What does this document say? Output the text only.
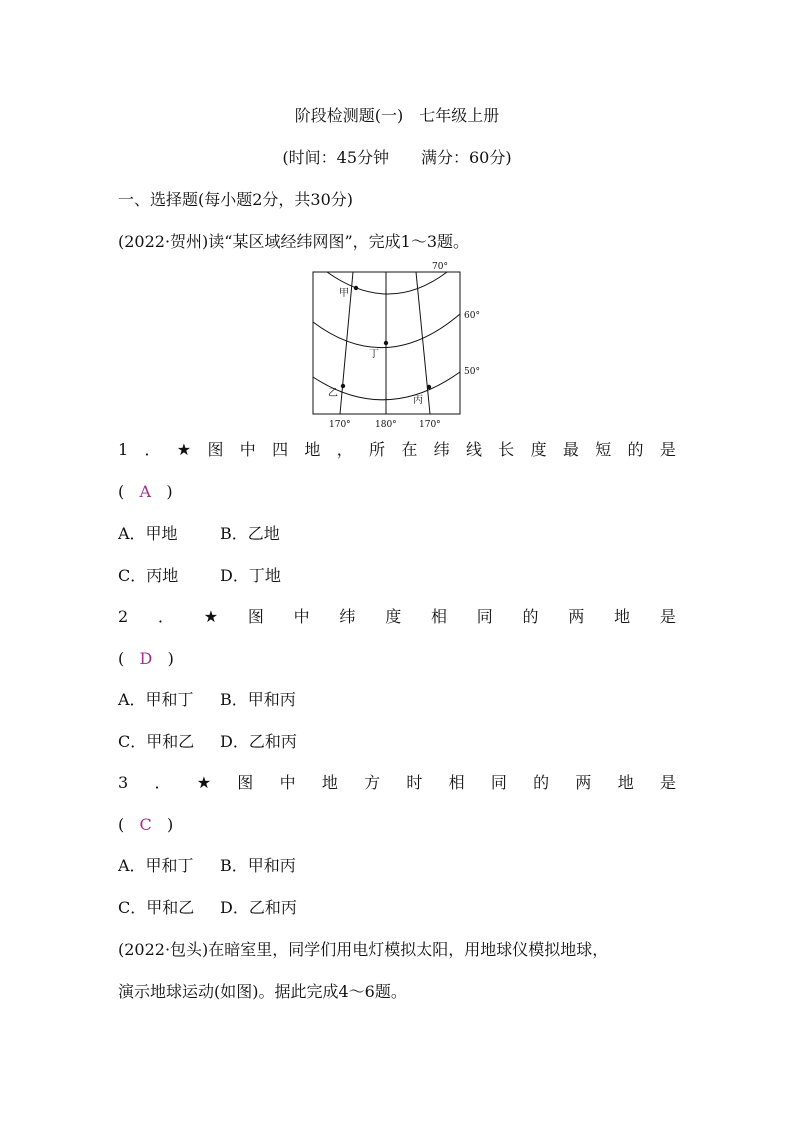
阶段检测题(一)　七年级上册
(时间：45分钟　　满分：60分)
一、选择题(每小题2分，共30分)
(2022·贺州)读“某区域经纬网图”，完成1～3题。
甲
丁
乙
丙
70°
60°
50°
170°	180° 170°
1 ． ★ 图 中 四 地 ， 所 在 纬 线 长 度 最 短 的 是
( A )
A．甲地	B．乙地
C．丙地	D．丁地
2 ． ★ 图 中 纬 度 相 同 的 两 地 是
( D )
A．甲和丁 B．甲和丙
C．甲和乙 D．乙和丙
3 ． ★ 图 中 地 方 时 相 同 的 两 地 是
( C )
A．甲和丁 B．甲和丙
C．甲和乙 D．乙和丙
(2022·包头)在暗室里，同学们用电灯模拟太阳，用地球仪模拟地球，
演示地球运动(如图)。据此完成4～6题。
